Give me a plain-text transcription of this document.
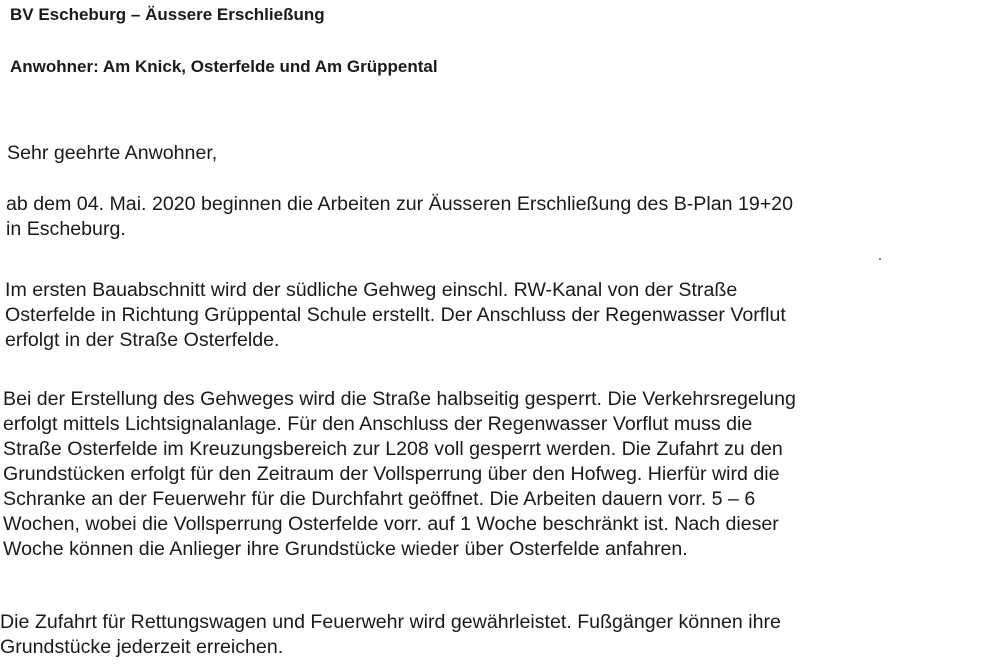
BV Escheburg – Äussere Erschließung
Anwohner: Am Knick, Osterfelde und Am Grüppental
Sehr geehrte Anwohner,
ab dem 04. Mai. 2020 beginnen die Arbeiten zur Äusseren Erschließung des B-Plan 19+20
in Escheburg.
Im ersten Bauabschnitt wird der südliche Gehweg einschl. RW-Kanal von der Straße
Osterfelde in Richtung Grüppental Schule erstellt. Der Anschluss der Regenwasser Vorflut
erfolgt in der Straße Osterfelde.
Bei der Erstellung des Gehweges wird die Straße halbseitig gesperrt. Die Verkehrsregelung
erfolgt mittels Lichtsignalanlage. Für den Anschluss der Regenwasser Vorflut muss die
Straße Osterfelde im Kreuzungsbereich zur L208 voll gesperrt werden. Die Zufahrt zu den
Grundstücken erfolgt für den Zeitraum der Vollsperrung über den Hofweg. Hierfür wird die
Schranke an der Feuerwehr für die Durchfahrt geöffnet. Die Arbeiten dauern vorr. 5 – 6
Wochen, wobei die Vollsperrung Osterfelde vorr. auf 1 Woche beschränkt ist. Nach dieser
Woche können die Anlieger ihre Grundstücke wieder über Osterfelde anfahren.
Die Zufahrt für Rettungswagen und Feuerwehr wird gewährleistet. Fußgänger können ihre
Grundstücke jederzeit erreichen.
